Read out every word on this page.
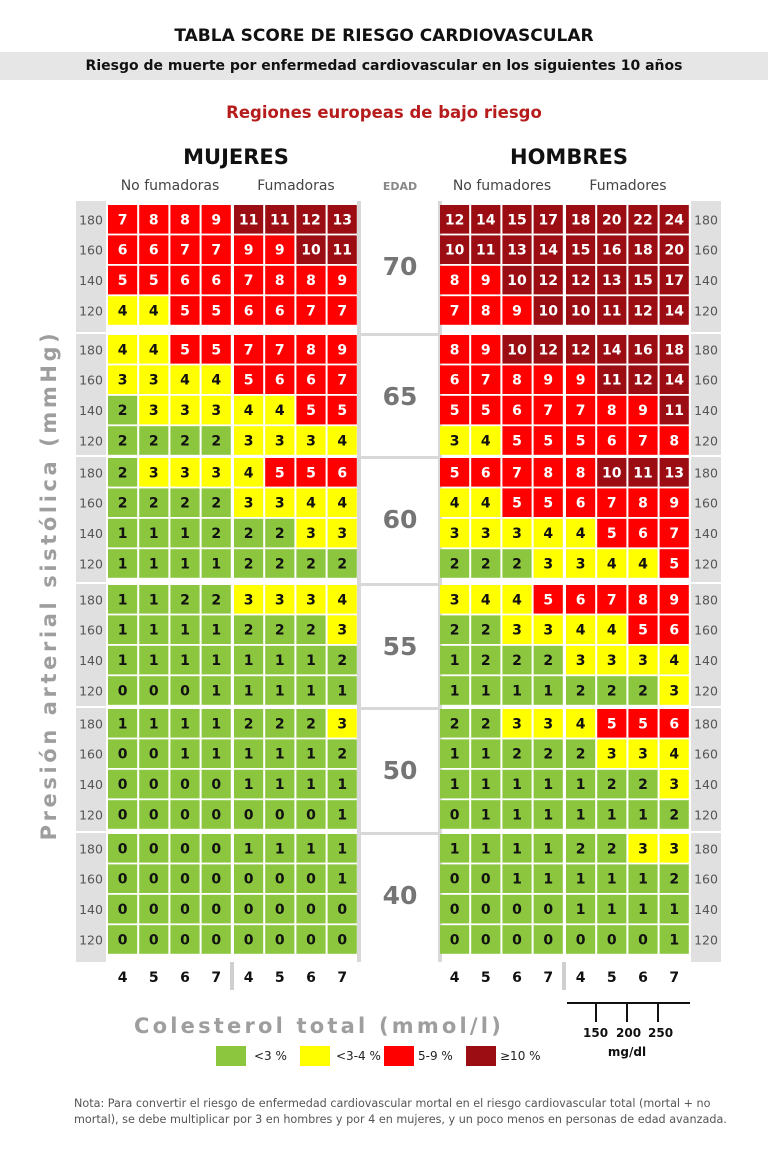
TABLA SCORE DE RIESGO CARDIOVASCULAR
Riesgo de muerte por enfermedad cardiovascular en los siguientes 10 años
Regiones europeas de bajo riesgo
MUJERES	HOMBRES
No fumadoras	Fumadoras	EDAD	No fumadores	Fumadores
Presión arterial sistólica (mmHg)
180	180
7 8 8 9 11 11 12 13	12 14 15 17 18 20 22 24
160	160
6 6 7 7 9 9 10 11	10 11 13 14 15 16 18 20
140	140
5 5 6 6 7 8 8 9	8 9 10 12 12 13 15 17
120	120
4 4 5 5 6 6 7 7	7 8 9 10 10 11 12 14
70
180	180
4 4 5 5 7 7 8 9	8 9 10 12 12 14 16 18
160	160
3 3 4 4 5 6 6 7	6 7 8 9 9 11 12 14
140	140
2 3 3 3 4 4 5 5	5 5 6 7 7 8 9 11
120	120
2 2 2 2 3 3 3 4	3 4 5 5 5 6 7 8
65
180	180
2 3 3 3 4 5 5 6	5 6 7 8 8 10 11 13
160	160
2 2 2 2 3 3 4 4	4 4 5 5 6 7 8 9
140	140
1 1 1 2 2 2 3 3	3 3 3 4 4 5 6 7
120	120
1 1 1 1 2 2 2 2	2 2 2 3 3 4 4 5
60
180	180
1 1 2 2 3 3 3 4	3 4 4 5 6 7 8 9
160	160
1 1 1 1 2 2 2 3	2 2 3 3 4 4 5 6
140	140
1 1 1 1 1 1 1 2	1 2 2 2 3 3 3 4
120	120
0 0 0 1 1 1 1 1	1 1 1 1 2 2 2 3
55
180	180
1 1 1 1 2 2 2 3	2 2 3 3 4 5 5 6
160	160
0 0 1 1 1 1 1 2	1 1 2 2 2 3 3 4
140	140
0 0 0 0 1 1 1 1	1 1 1 1 1 2 2 3
120	120
0 0 0 0 0 0 0 1	0 1 1 1 1 1 1 2
50
180	180
0 0 0 0 1 1 1 1	1 1 1 1 2 2 3 3
160	160
0 0 0 0 0 0 0 1	0 0 1 1 1 1 1 2
140	140
0 0 0 0 0 0 0 0	0 0 0 0 1 1 1 1
120	120
0 0 0 0 0 0 0 0	0 0 0 0 0 0 0 1
40
4 5 6 7 4 5 6 7	4 5 6 7 4 5 6 7
Colesterol total (mmol/l)	150 200 250
mg/dl
<3 %	<3-4 %	5-9 %	≥10 %
Nota: Para convertir el riesgo de enfermedad cardiovascular mortal en el riesgo cardiovascular total (mortal + no mortal), se debe multiplicar por 3 en hombres y por 4 en mujeres, y un poco menos en personas de edad avanzada.
